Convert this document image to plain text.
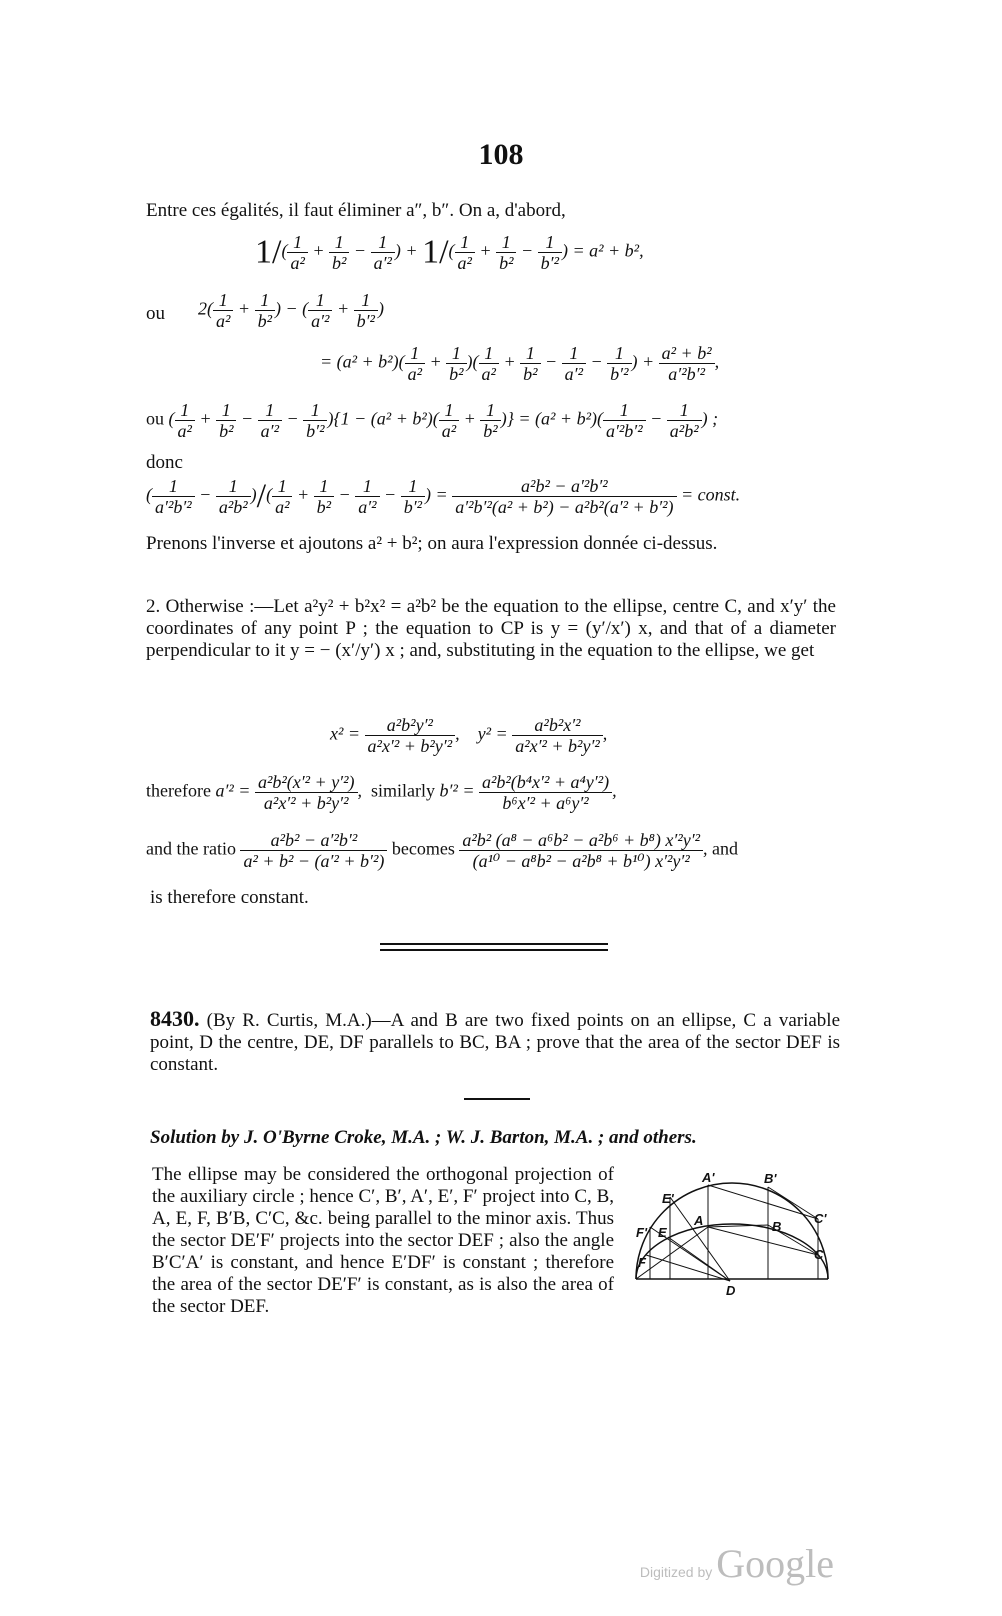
108
Entre ces égalités, il faut éliminer a″, b″. On a, d'abord,
$1/( \frac{1}{\text{a²}} + \frac{1}{\text{b²}} - \frac{1}{\text{a′²}}$ ) + $1/( \frac{1}{\text{a²}} + \frac{1}{\text{b²}} - \frac{1}{\text{b′²}}$ ) = a² + b²,
ou $2( \frac{1}{\text{a²}} + \frac{1}{\text{b²}}$ ) − ( $\frac{1}{\text{a′²}} + \frac{1}{\text{b′²}}$ )
= $(a^2 + b^2)( \frac{1}{\text{a²}} + \frac{1}{\text{b²}}$ )( $\frac{1}{\text{a²}} + \frac{1}{\text{b²}} - \frac{1}{\text{a′²}} - \frac{1}{\text{b′²}}$ ) + $\frac{\text{a² + b²}}{\text{a′²b′²}}$ ,
ou ( $\frac{1}{\text{a²}} + \frac{1}{\text{b²}} - \frac{1}{\text{a′²}} - \frac{1}{\text{b′²}} )\{1 - (a^2 + b^2)( \frac{1}{\text{a²}} + \frac{1}{\text{b²}}$ )} = $(a^2 + b^2)( \frac{1}{\text{a′²b′²}} - \frac{1}{\text{a²b²}}$ ) ;
donc
( $\frac{1}{\text{a′²b′²}} - \frac{1}{\text{a²b²}}$ )/( $\frac{1}{\text{a²}} + \frac{1}{\text{b²}} - \frac{1}{\text{a′²}} - \frac{1}{\text{b′²}}$ ) = $\frac{\text{a²b² − a′²b′²}}{\text{a′²b′²(a² + b²) − a²b²(a′² + b′²)}}$ = const.
Prenons l'inverse et ajoutons a² + b²; on aura l'expression donnée ci-dessus.
2. Otherwise :—Let a²y² + b²x² = a²b² be the equation to the ellipse, centre C, and x′y′ the coordinates of any point P ; the equation to CP is y = (y′/x′) x, and that of a diameter perpendicular to it y = − (x′/y′) x ; and, substituting in the equation to the ellipse, we get
$x^2 = \frac{\text{a²b²y′²}}{\text{a²x′² + b²y′²}}$ ,    $y^2 = \frac{\text{a²b²x′²}}{\text{a²x′² + b²y′²}}$ ,
therefore $a'^2 = \frac{\text{a²b²(x′² + y′²)}}{\text{a²x′² + b²y′²}}$ ,  similarly $b'^2 = \frac{\text{a²b²(b⁴x′² + a⁴y′²)}}{\text{b⁶x′² + a⁶y′²}}$ ,
and the ratio $\frac{\text{a²b² − a′²b′²}}{\text{a² + b² − (a′² + b′²)}}$ becomes $\frac{\text{a²b² (a⁸ − a⁶b² − a²b⁶ + b⁸) x′²y′²}}{\text{(a¹⁰ − a⁸b² − a²b⁸ + b¹⁰) x′²y′²}}$ , and
is therefore constant.
8430. (By R. Curtis, M.A.)—A and B are two fixed points on an ellipse, C a variable point, D the centre, DE, DF parallels to BC, BA ; prove that the area of the sector DEF is constant.
Solution by J. O'Byrne Croke, M.A. ; W. J. Barton, M.A. ; and others.
The ellipse may be considered the orthogonal projection of the auxiliary circle ; hence C′, B′, A′, E′, F′ project into C, B, A, E, F, B′B, C′C, &c. being parallel to the minor axis. Thus the sector DE′F′ projects into the sector DEF ; also the angle B′C′A′ is constant, and hence E′DF′ is constant ; therefore the area of the sector DE′F′ is constant, as is also the area of the sector DEF.
A'	B'
E'
A	B
C'
F' E
C
F
D
Digitized by Google
